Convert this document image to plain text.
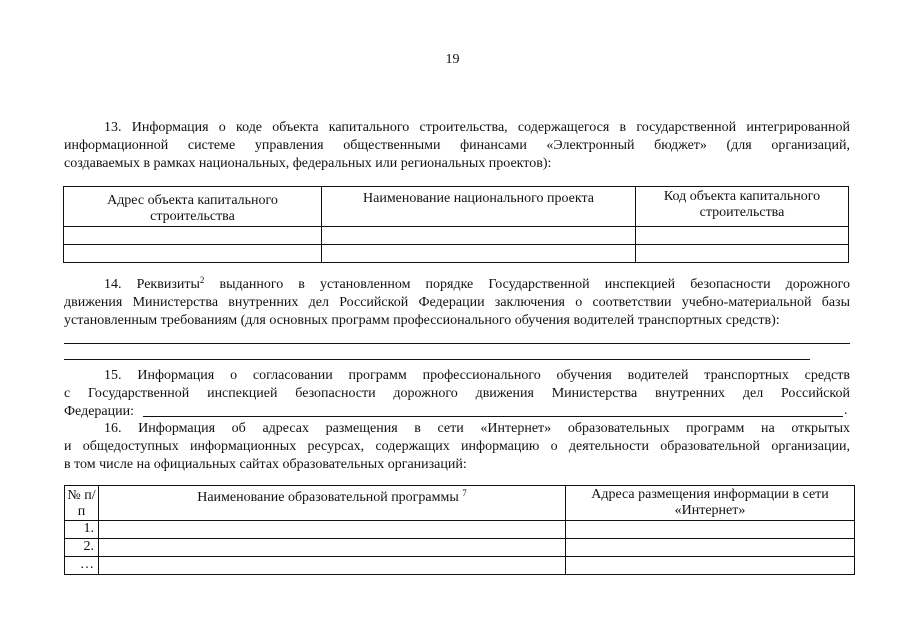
19
13. Информация о коде объекта капитального строительства, содержащегося в государственной интегрированной
информационной системе управления общественными финансами «Электронный бюджет» (для организаций,
создаваемых в рамках национальных, федеральных или региональных проектов):
Адрес объекта капитального строительства	Наименование национального проекта	Код объекта капитального строительства

14. Реквизиты$^2$ выданного в установленном порядке Государственной инспекцией безопасности дорожного
движения Министерства внутренних дел Российской Федерации заключения о соответствии учебно-материальной базы
установленным требованиям (для основных программ профессионального обучения водителей транспортных средств):
15. Информация о согласовании программ профессионального обучения водителей транспортных средств
с Государственной инспекцией безопасности дорожного движения Министерства внутренних дел Российской
Федерации:	.
16. Информация об адресах размещения в сети «Интернет» образовательных программ на открытых
и общедоступных информационных ресурсах, содержащих информацию о деятельности образовательной организации,
в том числе на официальных сайтах образовательных организаций:
№ п/п	Наименование образовательной программы $^7$	Адреса размещения информации в сети «Интернет»
1.		
2.		
…		
